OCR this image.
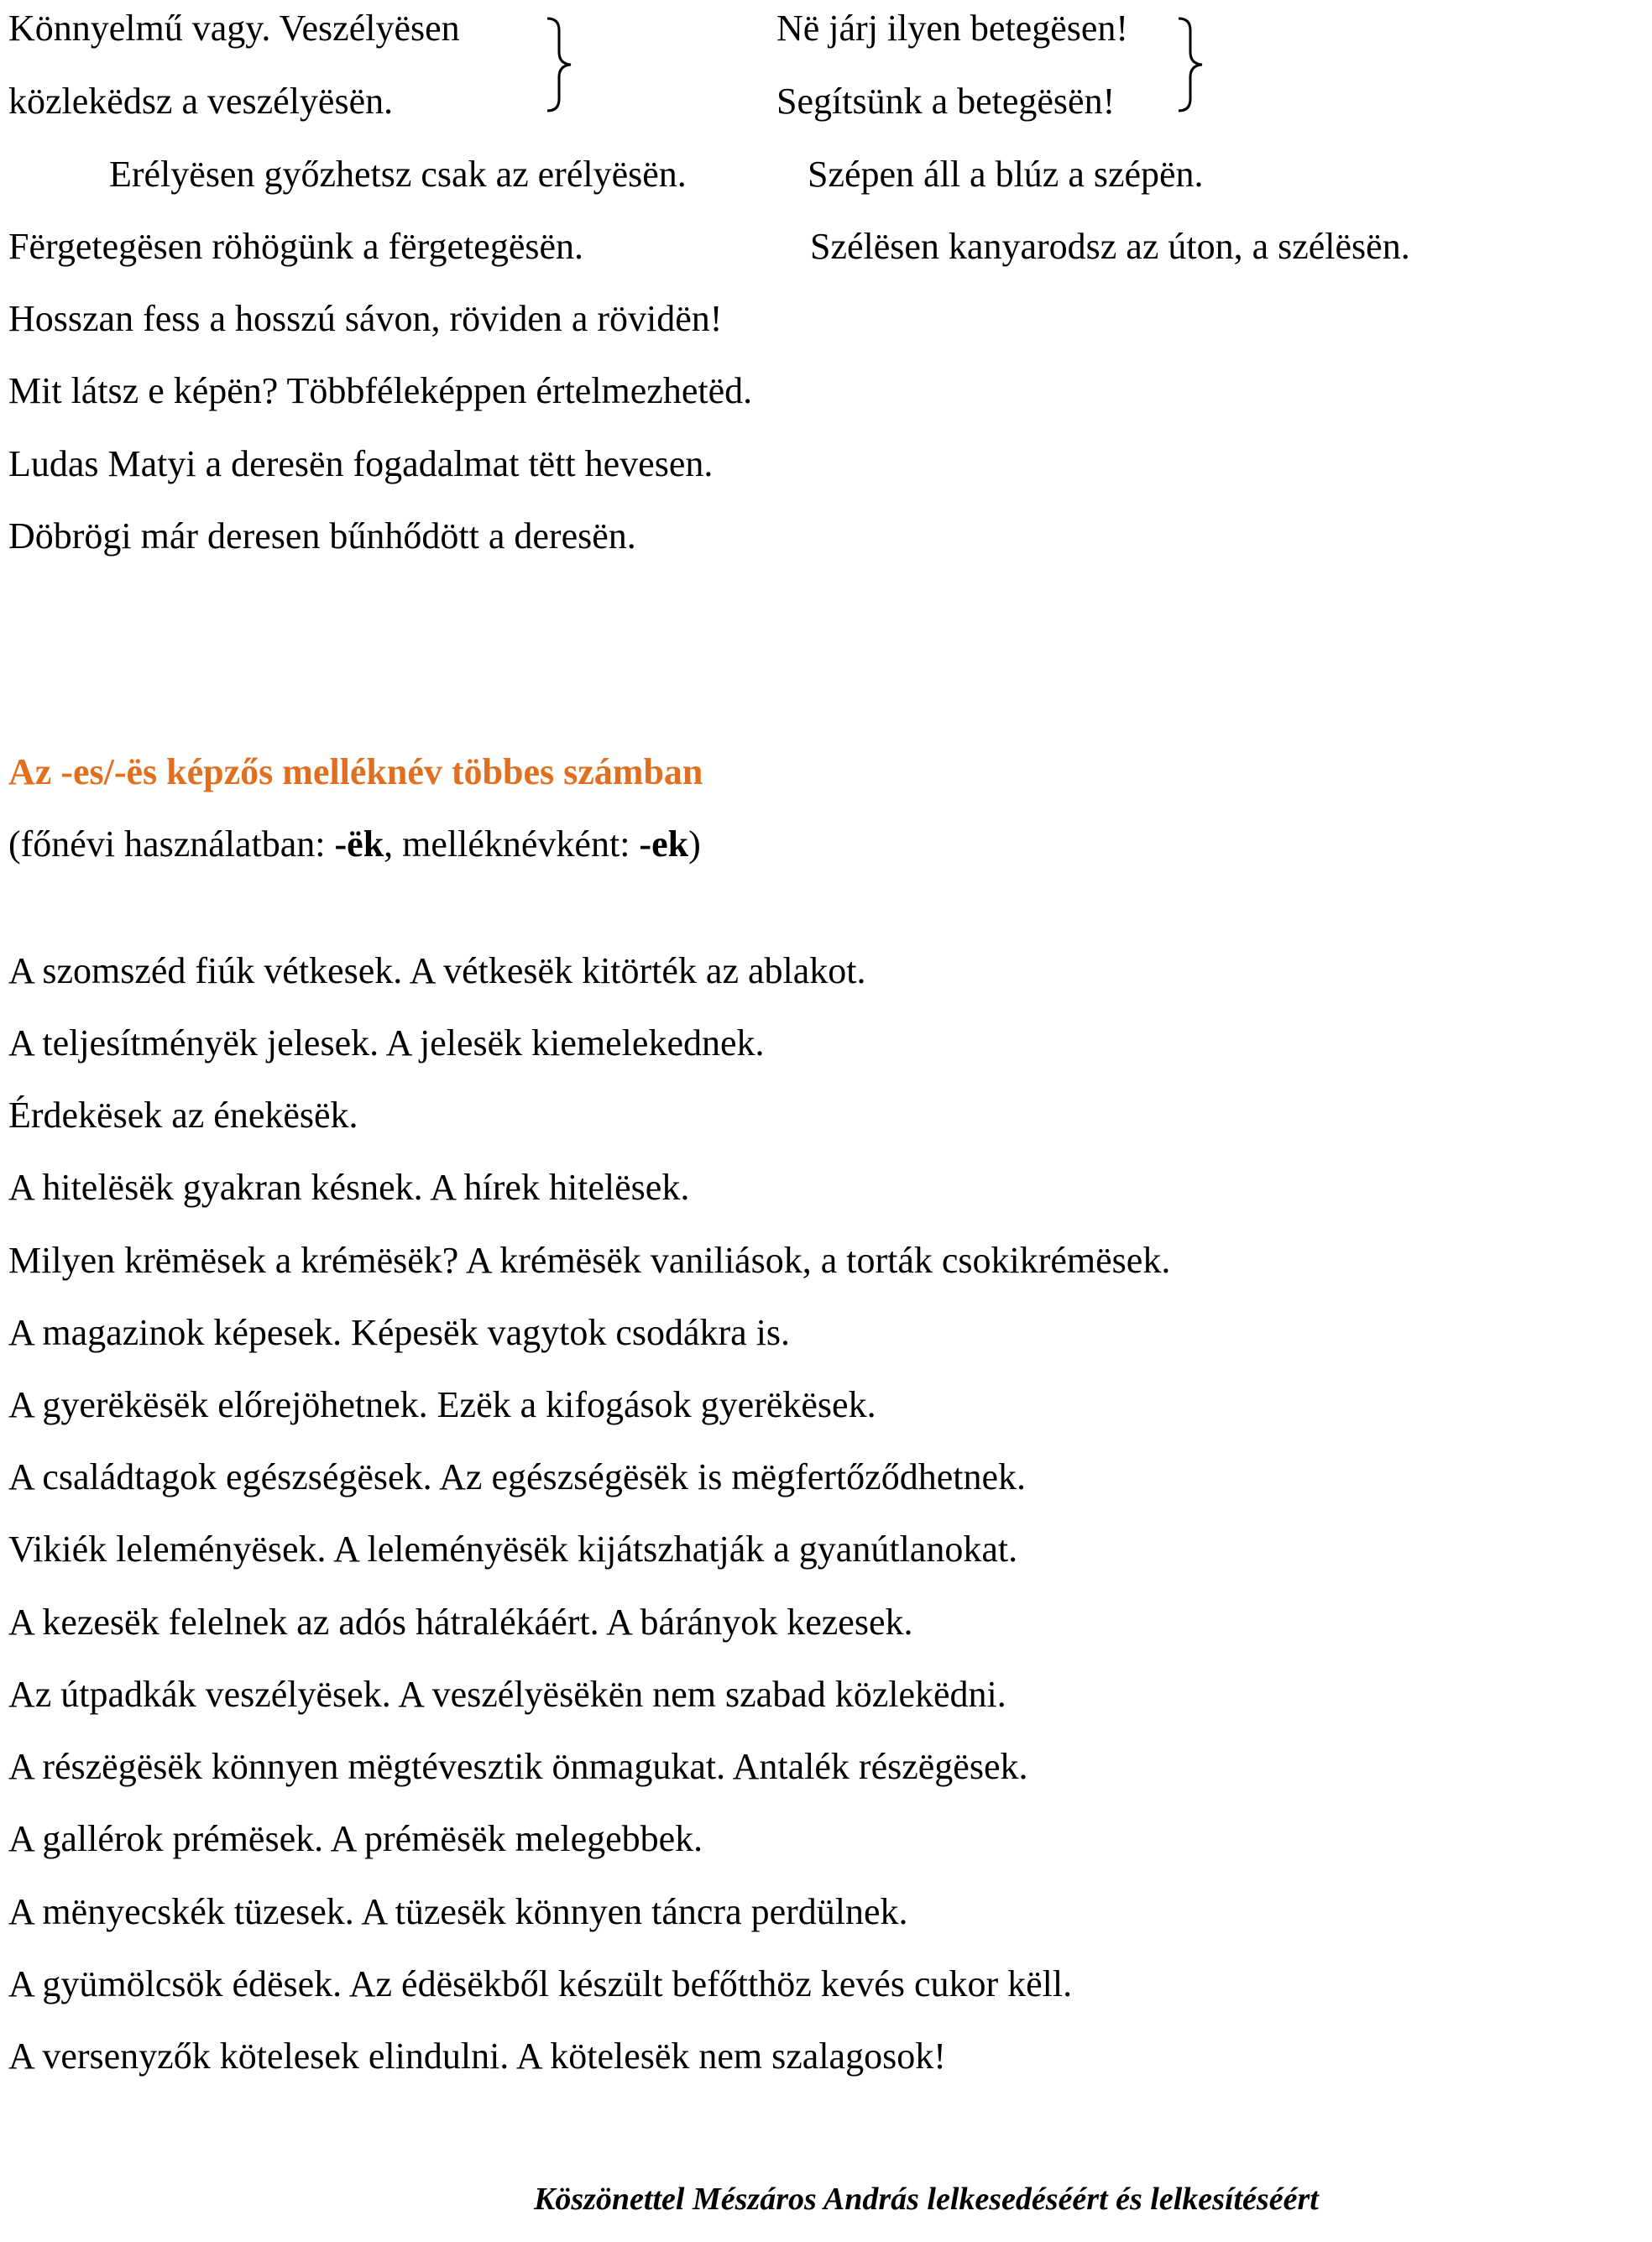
Könnyelmű vagy. Veszélyësen
közlekëdsz a veszélyësën.
Në járj ilyen betegësen!
Segítsünk a betegësën!
Erélyësen győzhetsz csak az erélyësën.	Szépen áll a blúz a szépën.
Fërgetegësen röhögünk a fërgetegësën.	Szélësen kanyarodsz az úton, a szélësën.
Hosszan fess a hosszú sávon, röviden a rövidën!
Mit látsz e képën? Többféleképpen értelmezhetëd.
Ludas Matyi a deresën fogadalmat tëtt hevesen.
Döbrögi már deresen bűnhődött a deresën.
Az -es/-ës képzős melléknév többes számban
(főnévi használatban: -ëk, melléknévként: -ek)
A szomszéd fiúk vétkesek. A vétkesëk kitörték az ablakot.
A teljesítményëk jelesek. A jelesëk kiemelekednek.
Érdekësek az énekësëk.
A hitelësëk gyakran késnek. A hírek hitelësek.
Milyen krëmësek a krémësëk? A krémësëk vaniliások, a torták csokikrémësek.
A magazinok képesek. Képesëk vagytok csodákra is.
A gyerëkësëk előrejöhetnek. Ezëk a kifogások gyerëkësek.
A családtagok egészségësek. Az egészségësëk is mëgfertőződhetnek.
Vikiék leleményësek. A leleményësëk kijátszhatják a gyanútlanokat.
A kezesëk felelnek az adós hátralékáért. A bárányok kezesek.
Az útpadkák veszélyësek. A veszélyësëkën nem szabad közlekëdni.
A részëgësëk könnyen mëgtévesztik önmagukat. Antalék részëgësek.
A gallérok prémësek. A prémësëk melegebbek.
A mënyecskék tüzesek. A tüzesëk könnyen táncra perdülnek.
A gyümölcsök édësek. Az édësëkből készült befőtthöz kevés cukor këll.
A versenyzők kötelesek elindulni. A kötelesëk nem szalagosok!
Köszönettel Mészáros András lelkesedéséért és lelkesítéséért
